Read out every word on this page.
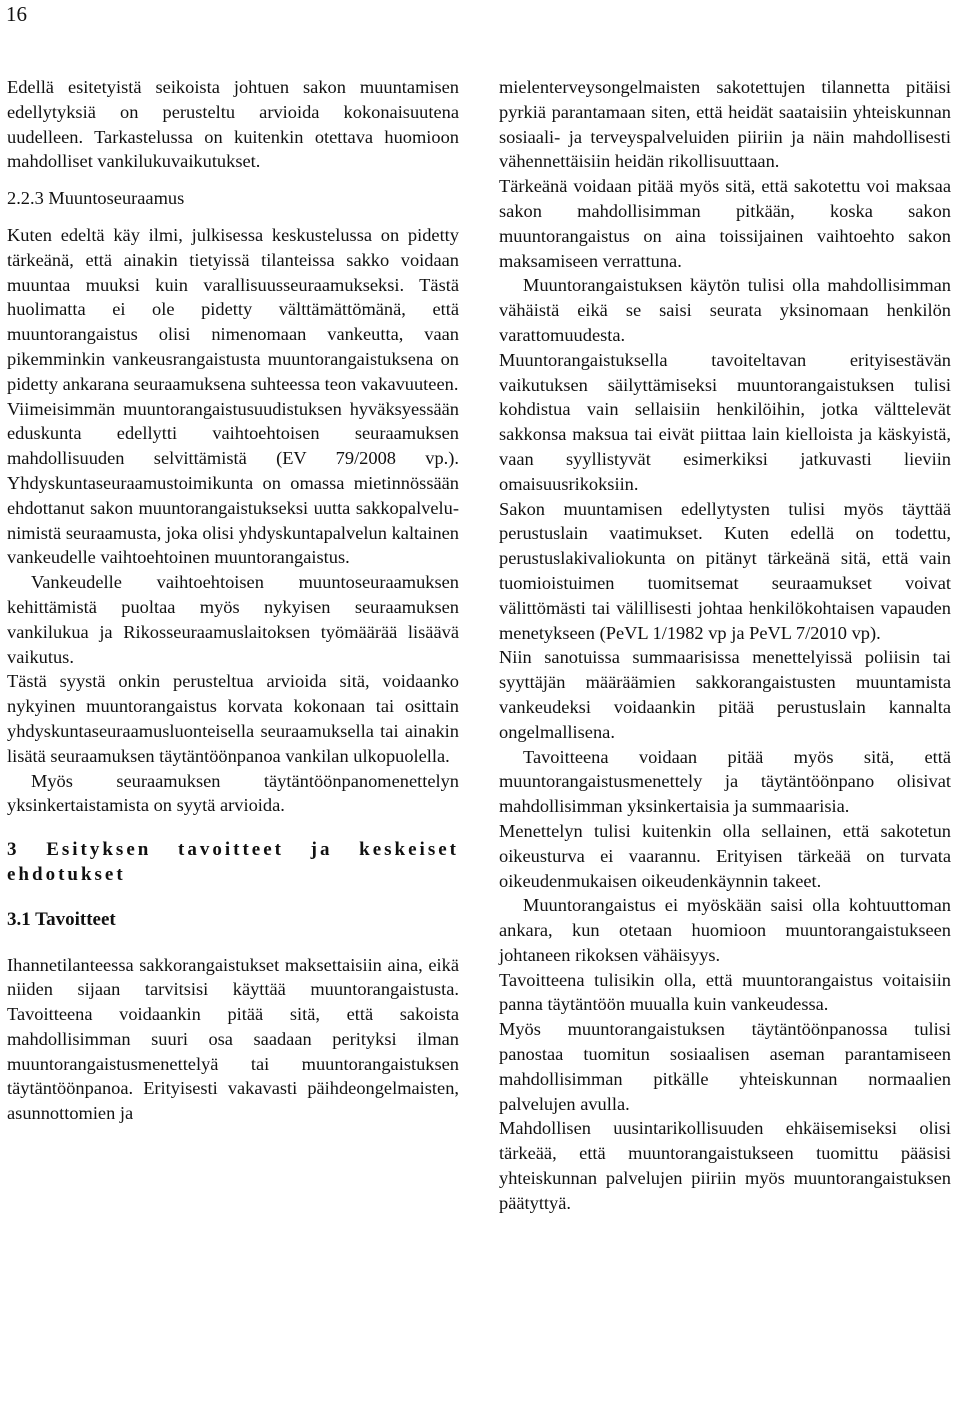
16

Edellä esitetyistä seikoista johtuen sakon muuntamisen edellytyksiä on perusteltu arvioida kokonaisuutena uudelleen. Tarkastelussa on kuitenkin otettava huomioon mahdolliset vankilukuvaikutukset.

2.2.3 Muuntoseuraamus

Kuten edeltä käy ilmi, julkisessa keskustelussa on pidetty tärkeänä, että ainakin tietyissä tilanteissa sakko voidaan muuntaa muuksi kuin varallisuusseuraamukseksi. Tästä huolimatta ei ole pidetty välttämättömänä, että muuntorangaistus olisi nimenomaan vankeutta, vaan pikemminkin vankeusrangaistusta muuntorangaistuksena on pidetty ankarana seuraamuksena suhteessa teon vakavuuteen.

Viimeisimmän muuntorangaistusuudistuksen hyväksyessään eduskunta edellytti vaihtoehtoisen seuraamuksen mahdollisuuden selvittämistä (EV 79/2008 vp.). Yhdyskuntaseuraamustoimikunta on omassa mietinnössään ehdottanut sakon muuntorangaistukseksi uutta sakkopalvelu- nimistä seuraamusta, joka olisi yhdyskuntapalvelun kaltainen vankeudelle vaihtoehtoinen muuntorangaistus.

Vankeudelle vaihtoehtoisen muuntoseuraamuksen kehittämistä puoltaa myös nykyisen seuraamuksen vankilukua ja Rikosseuraamuslaitoksen työmäärää lisäävä vaikutus.

Tästä syystä onkin perusteltua arvioida sitä, voidaanko nykyinen muuntorangaistus korvata kokonaan tai osittain yhdyskuntaseuraamusluonteisella seuraamuksella tai ainakin lisätä seuraamuksen täytäntöönpanoa vankilan ulkopuolella.

Myös seuraamuksen täytäntöönpanomenettelyn yksinkertaistamista on syytä arvioida.

3 Esityksen tavoitteet ja keskeiset ehdotukset

3.1 Tavoitteet

Ihannetilanteessa sakkorangaistukset maksettaisiin aina, eikä niiden sijaan tarvitsisi käyttää muuntorangaistusta. Tavoitteena voidaankin pitää sitä, että sakoista mahdollisimman suuri osa saadaan perityksi ilman muuntorangaistusmenettelyä tai muuntorangaistuksen täytäntöönpanoa. Erityisesti vakavasti päihdeongelmaisten, asunnottomien ja

mielenterveysongelmaisten sakotettujen tilannetta pitäisi pyrkiä parantamaan siten, että heidät saataisiin yhteiskunnan sosiaali- ja terveyspalveluiden piiriin ja näin mahdollisesti vähennettäisiin heidän rikollisuuttaan.

Tärkeänä voidaan pitää myös sitä, että sakotettu voi maksaa sakon mahdollisimman pitkään, koska sakon muuntorangaistus on aina toissijainen vaihtoehto sakon maksamiseen verrattuna.

Muuntorangaistuksen käytön tulisi olla mahdollisimman vähäistä eikä se saisi seurata yksinomaan henkilön varattomuudesta.

Muuntorangaistuksella tavoiteltavan erityisestävän vaikutuksen säilyttämiseksi muuntorangaistuksen tulisi kohdistua vain sellaisiin henkilöihin, jotka välttelevät sakkonsa maksua tai eivät piittaa lain kielloista ja käskyistä, vaan syyllistyvät esimerkiksi jatkuvasti lieviin omaisuusrikoksiin.

Sakon muuntamisen edellytysten tulisi myös täyttää perustuslain vaatimukset. Kuten edellä on todettu, perustuslakivaliokunta on pitänyt tärkeänä sitä, että vain tuomioistuimen tuomitsemat seuraamukset voivat välittömästi tai välillisesti johtaa henkilökohtaisen vapauden menetykseen (PeVL 1/1982 vp ja PeVL 7/2010 vp).

Niin sanotuissa summaarisissa menettelyissä poliisin tai syyttäjän määräämien sakkorangaistusten muuntamista vankeudeksi voidaankin pitää perustuslain kannalta ongelmallisena.

Tavoitteena voidaan pitää myös sitä, että muuntorangaistusmenettely ja täytäntöönpano olisivat mahdollisimman yksinkertaisia ja summaarisia.

Menettelyn tulisi kuitenkin olla sellainen, että sakotetun oikeusturva ei vaarannu. Erityisen tärkeää on turvata oikeudenmukaisen oikeudenkäynnin takeet.

Muuntorangaistus ei myöskään saisi olla kohtuuttoman ankara, kun otetaan huomioon muuntorangaistukseen johtaneen rikoksen vähäisyys.

Tavoitteena tulisikin olla, että muuntorangaistus voitaisiin panna täytäntöön muualla kuin vankeudessa.

Myös muuntorangaistuksen täytäntöönpanossa tulisi panostaa tuomitun sosiaalisen aseman parantamiseen mahdollisimman pitkälle yhteiskunnan normaalien palvelujen avulla.

Mahdollisen uusintarikollisuuden ehkäisemiseksi olisi tärkeää, että muuntorangaistukseen tuomittu pääsisi yhteiskunnan palvelujen piiriin myös muuntorangaistuksen päätyttyä.
